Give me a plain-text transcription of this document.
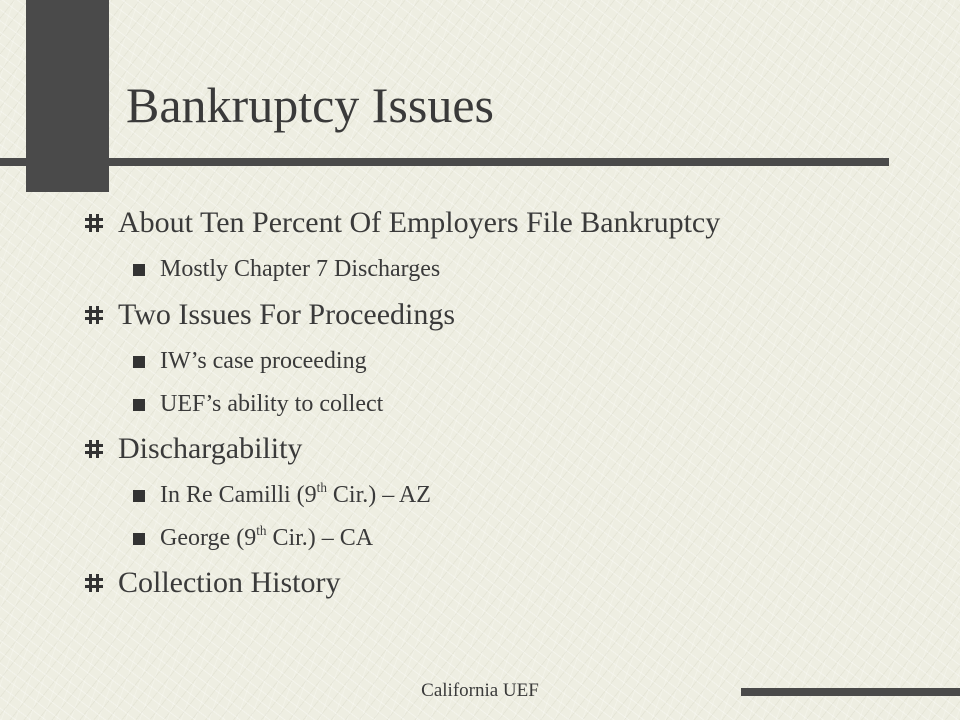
Bankruptcy Issues
About Ten Percent Of Employers File Bankruptcy
Mostly Chapter 7 Discharges
Two Issues For Proceedings
IW’s case proceeding
UEF’s ability to collect
Dischargability
In Re Camilli (9th Cir.) – AZ
George (9th Cir.) – CA
Collection History
California UEF
